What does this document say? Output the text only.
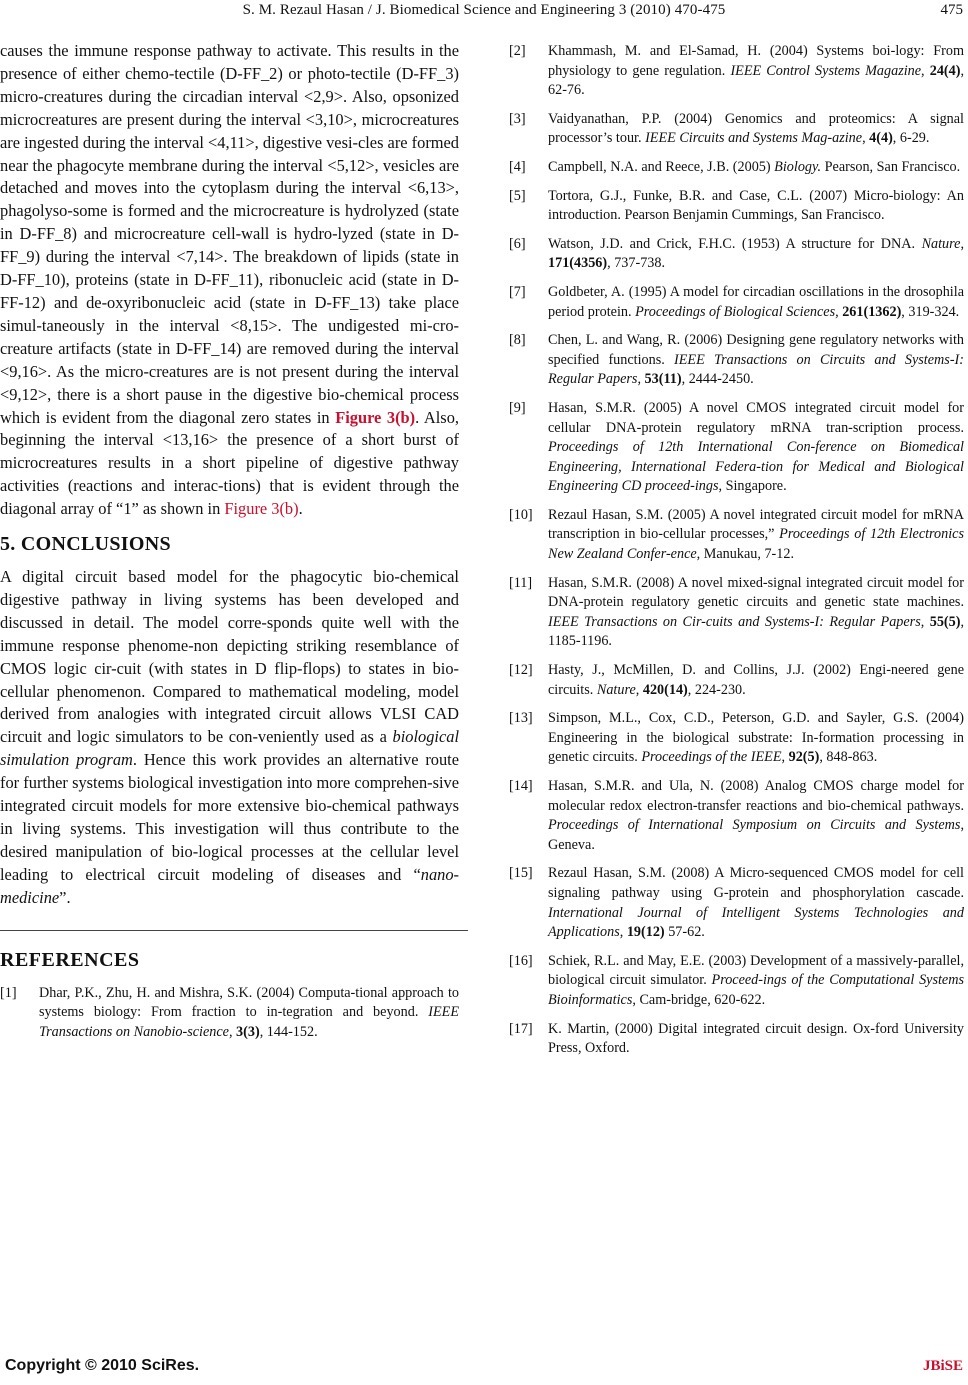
S. M. Rezaul Hasan / J. Biomedical Science and Engineering 3 (2010) 470-475	475

causes the immune response pathway to activate. This results in the presence of either chemo-tectile (D-FF_2) or photo-tectile (D-FF_3) micro-creatures during the circadian interval <2,9>. Also, opsonized microcreatures are present during the interval <3,10>, microcreatures are ingested during the interval <4,11>, digestive vesi-cles are formed near the phagocyte membrane during the interval <5,12>, vesicles are detached and moves into the cytoplasm during the interval <6,13>, phagolyso-some is formed and the microcreature is hydrolyzed (state in D-FF_8) and microcreature cell-wall is hydro-lyzed (state in D-FF_9) during the interval <7,14>. The breakdown of lipids (state in D-FF_10), proteins (state in D-FF_11), ribonucleic acid (state in D-FF-12) and de-oxyribonucleic acid (state in D-FF_13) take place simul-taneously in the interval <8,15>. The undigested mi-cro-creature artifacts (state in D-FF_14) are removed during the interval <9,16>. As the micro-creatures are is not present during the interval <9,12>, there is a short pause in the digestive bio-chemical process which is evident from the diagonal zero states in Figure 3(b). Also, beginning the interval <13,16> the presence of a short burst of microcreatures results in a short pipeline of digestive pathway activities (reactions and interac-tions) that is evident through the diagonal array of “1” as shown in Figure 3(b).

5. CONCLUSIONS

A digital circuit based model for the phagocytic bio-chemical digestive pathway in living systems has been developed and discussed in detail. The model corre-sponds quite well with the immune response phenome-non depicting striking resemblance of CMOS logic cir-cuit (with states in D flip-flops) to states in bio-cellular phenomenon. Compared to mathematical modeling, model derived from analogies with integrated circuit allows VLSI CAD circuit and logic simulators to be con-veniently used as a biological simulation program. Hence this work provides an alternative route for further systems biological investigation into more comprehen-sive integrated circuit models for more extensive bio-chemical pathways in living systems. This investigation will thus contribute to the desired manipulation of bio-logical processes at the cellular level leading to electrical circuit modeling of diseases and “nano-medicine”.

REFERENCES
[1] Dhar, P.K., Zhu, H. and Mishra, S.K. (2004) Computa-tional approach to systems biology: From fraction to in-tegration and beyond. IEEE Transactions on Nanobio-science, 3(3), 144-152.
[2] Khammash, M. and El-Samad, H. (2004) Systems boi-logy: From physiology to gene regulation. IEEE Control Systems Magazine, 24(4), 62-76.
[3] Vaidyanathan, P.P. (2004) Genomics and proteomics: A signal processor’s tour. IEEE Circuits and Systems Mag-azine, 4(4), 6-29.
[4] Campbell, N.A. and Reece, J.B. (2005) Biology. Pearson, San Francisco.
[5] Tortora, G.J., Funke, B.R. and Case, C.L. (2007) Micro-biology: An introduction. Pearson Benjamin Cummings, San Francisco.
[6] Watson, J.D. and Crick, F.H.C. (1953) A structure for DNA. Nature, 171(4356), 737-738.
[7] Goldbeter, A. (1995) A model for circadian oscillations in the drosophila period protein. Proceedings of Biological Sciences, 261(1362), 319-324.
[8] Chen, L. and Wang, R. (2006) Designing gene regulatory networks with specified functions. IEEE Transactions on Circuits and Systems-I: Regular Papers, 53(11), 2444-2450.
[9] Hasan, S.M.R. (2005) A novel CMOS integrated circuit model for cellular DNA-protein regulatory mRNA tran-scription process. Proceedings of 12th International Con-ference on Biomedical Engineering, International Federa-tion for Medical and Biological Engineering CD proceed-ings, Singapore.
[10] Rezaul Hasan, S.M. (2005) A novel integrated circuit model for mRNA transcription in bio-cellular processes,” Proceedings of 12th Electronics New Zealand Confer-ence, Manukau, 7-12.
[11] Hasan, S.M.R. (2008) A novel mixed-signal integrated circuit model for DNA-protein regulatory genetic circuits and genetic state machines. IEEE Transactions on Cir-cuits and Systems-I: Regular Papers, 55(5), 1185-1196.
[12] Hasty, J., McMillen, D. and Collins, J.J. (2002) Engi-neered gene circuits. Nature, 420(14), 224-230.
[13] Simpson, M.L., Cox, C.D., Peterson, G.D. and Sayler, G.S. (2004) Engineering in the biological substrate: In-formation processing in genetic circuits. Proceedings of the IEEE, 92(5), 848-863.
[14] Hasan, S.M.R. and Ula, N. (2008) Analog CMOS charge model for molecular redox electron-transfer reactions and bio-chemical pathways. Proceedings of International Symposium on Circuits and Systems, Geneva.
[15] Rezaul Hasan, S.M. (2008) A Micro-sequenced CMOS model for cell signaling pathway using G-protein and phosphorylation cascade. International Journal of Intelligent Systems Technologies and Applications, 19(12) 57-62.
[16] Schiek, R.L. and May, E.E. (2003) Development of a massively-parallel, biological circuit simulator. Proceed-ings of the Computational Systems Bioinformatics, Cam-bridge, 620-622.
[17] K. Martin, (2000) Digital integrated circuit design. Ox-ford University Press, Oxford.
Copyright © 2010 SciRes.	JBiSE
